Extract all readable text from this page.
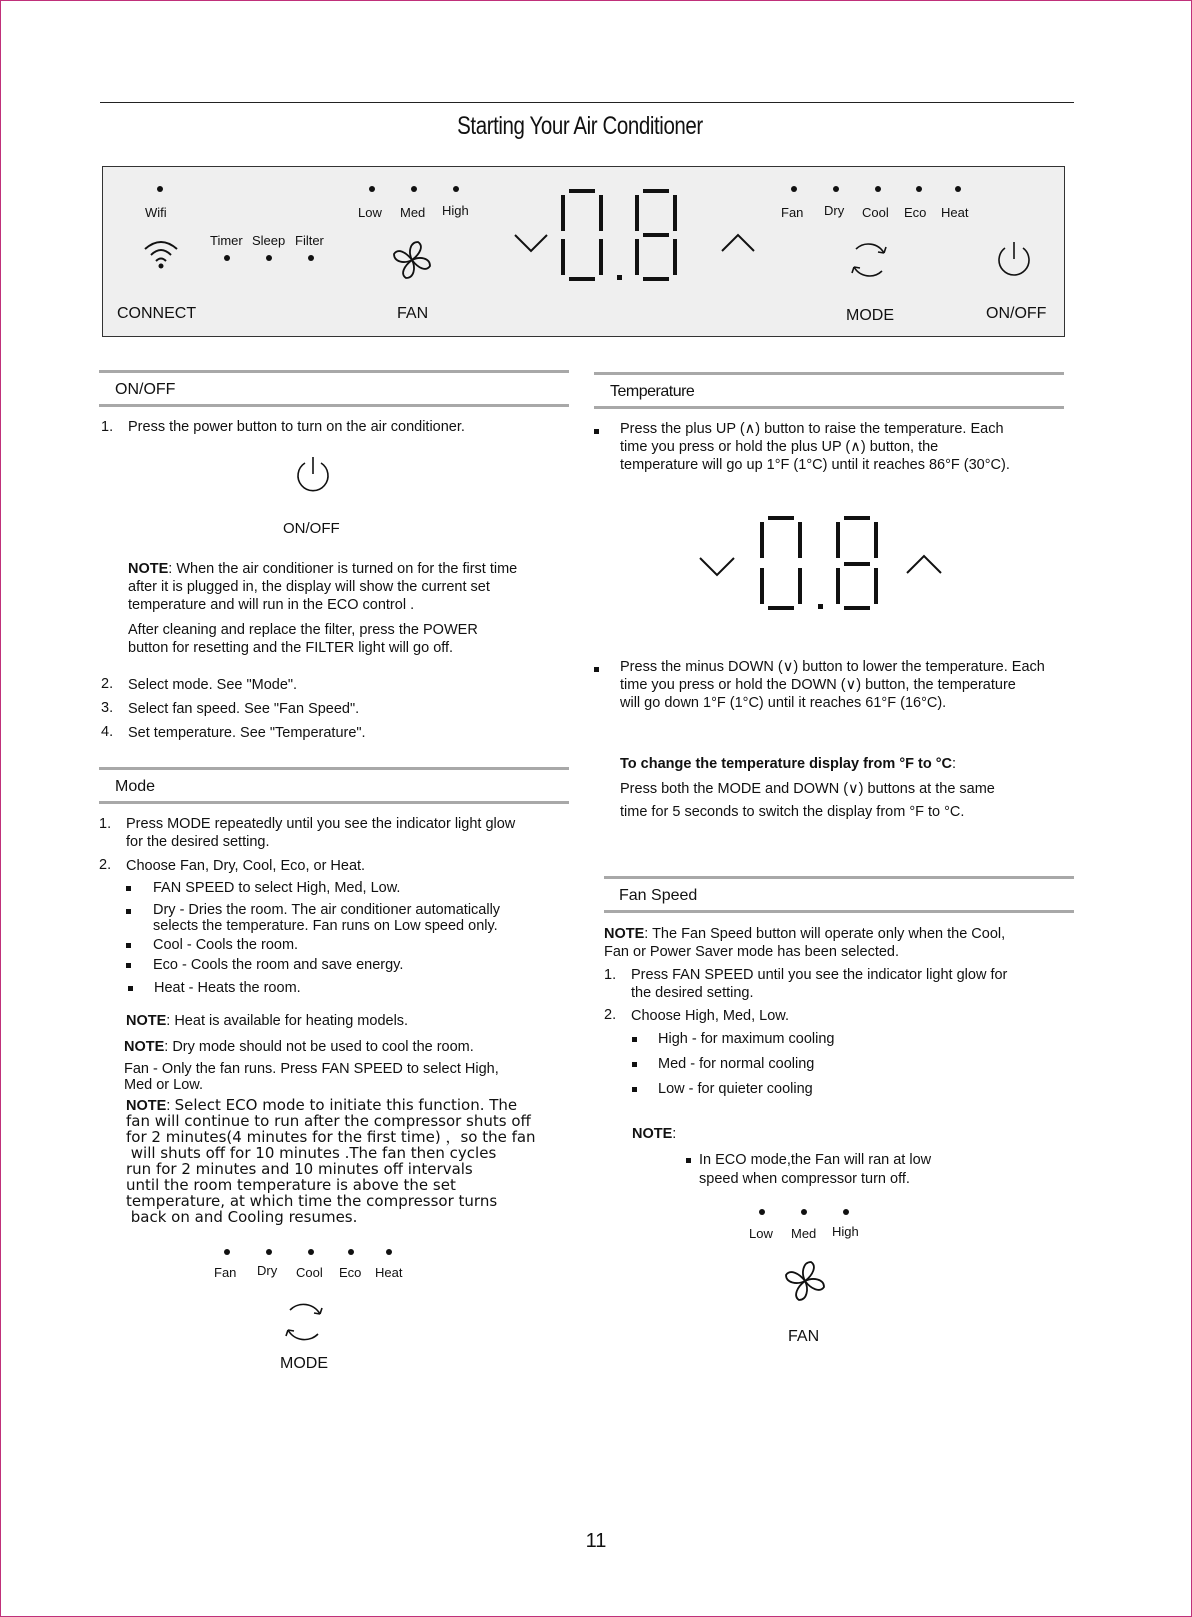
Starting Your Air Conditioner
Wifi
Timer Sleep Filter
CONNECT
Low Med High
FAN
Fan Dry Cool Eco Heat
MODE	ON/OFF
ON/OFF
1. Press the power button to turn on the air conditioner.
ON/OFF
NOTE: When the air conditioner is turned on for the first time
after it is plugged in, the display will show the current set
temperature and will run in the ECO control .
After cleaning and replace the filter, press the POWER
button for resetting and the FILTER light will go off.
2. Select mode. See "Mode".
3. Select fan speed. See "Fan Speed".
4. Set temperature. See "Temperature".
Mode
1. Press MODE repeatedly until you see the indicator light glow
for the desired setting.
2. Choose Fan, Dry, Cool, Eco, or Heat.
FAN SPEED to select High, Med, Low.
Dry - Dries the room. The air conditioner automatically
selects the temperature. Fan runs on Low speed only.
Cool - Cools the room.
Eco - Cools the room and save energy.
Heat - Heats the room.
NOTE: Heat is available for heating models.
NOTE: Dry mode should not be used to cool the room.
Fan - Only the fan runs. Press FAN SPEED to select High,
Med or Low.
NOTE: Select ECO mode to initiate this function. The
fan will continue to run after the compressor shuts off
for 2 minutes(4 minutes for the first time) ，so the fan
will shuts off for 10 minutes .The fan then cycles
run for 2 minutes and 10 minutes off intervals
until the room temperature is above the set
temperature, at which time the compressor turns
back on and Cooling resumes.
Fan Dry Cool Eco Heat
MODE
Temperature
Press the plus UP (∧) button to raise the temperature. Each
time you press or hold the plus UP (∧) button, the
temperature will go up 1°F (1°C) until it reaches 86°F (30°C).
Press the minus DOWN (∨) button to lower the temperature. Each
time you press or hold the DOWN (∨) button, the temperature
will go down 1°F (1°C) until it reaches 61°F (16°C).
To change the temperature display from °F to °C:
Press both the MODE and DOWN (∨) buttons at the same
time for 5 seconds to switch the display from °F to °C.
Fan Speed
NOTE: The Fan Speed button will operate only when the Cool,
Fan or Power Saver mode has been selected.
1. Press FAN SPEED until you see the indicator light glow for
the desired setting.
2. Choose High, Med, Low.
High - for maximum cooling
Med - for normal cooling
Low - for quieter cooling
NOTE:
In ECO mode,the Fan will ran at low
speed when compressor turn off.
Low Med High
FAN
11
